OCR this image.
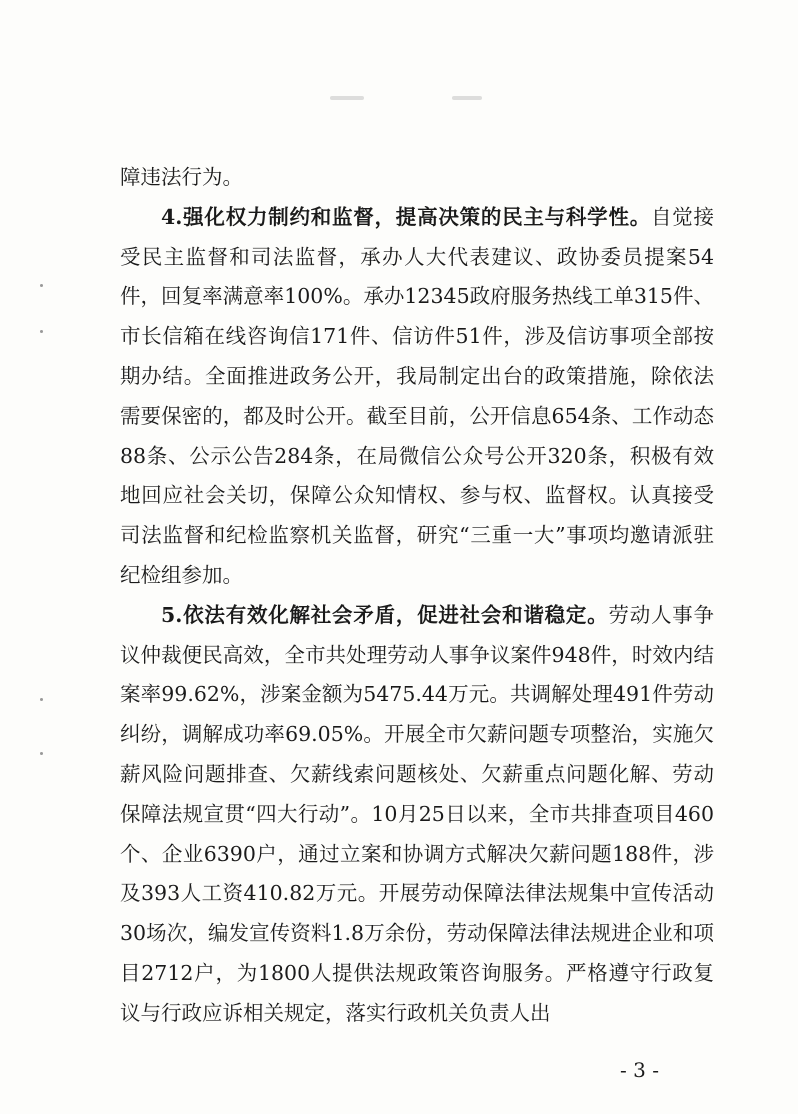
障违法行为。

4.强化权力制约和监督，提高决策的民主与科学性。自觉接受民主监督和司法监督，承办人大代表建议、政协委员提案54件，回复率满意率100%。承办12345政府服务热线工单315件、市长信箱在线咨询信171件、信访件51件，涉及信访事项全部按期办结。全面推进政务公开，我局制定出台的政策措施，除依法需要保密的，都及时公开。截至目前，公开信息654条、工作动态88条、公示公告284条，在局微信公众号公开320条，积极有效地回应社会关切，保障公众知情权、参与权、监督权。认真接受司法监督和纪检监察机关监督，研究“三重一大”事项均邀请派驻纪检组参加。

5.依法有效化解社会矛盾，促进社会和谐稳定。劳动人事争议仲裁便民高效，全市共处理劳动人事争议案件948件，时效内结案率99.62%，涉案金额为5475.44万元。共调解处理491件劳动纠纷，调解成功率69.05%。开展全市欠薪问题专项整治，实施欠薪风险问题排查、欠薪线索问题核处、欠薪重点问题化解、劳动保障法规宣贯“四大行动”。10月25日以来，全市共排查项目460个、企业6390户，通过立案和协调方式解决欠薪问题188件，涉及393人工资410.82万元。开展劳动保障法律法规集中宣传活动30场次，编发宣传资料1.8万余份，劳动保障法律法规进企业和项目2712户，为1800人提供法规政策咨询服务。严格遵守行政复议与行政应诉相关规定，落实行政机关负责人出

- 3 -
